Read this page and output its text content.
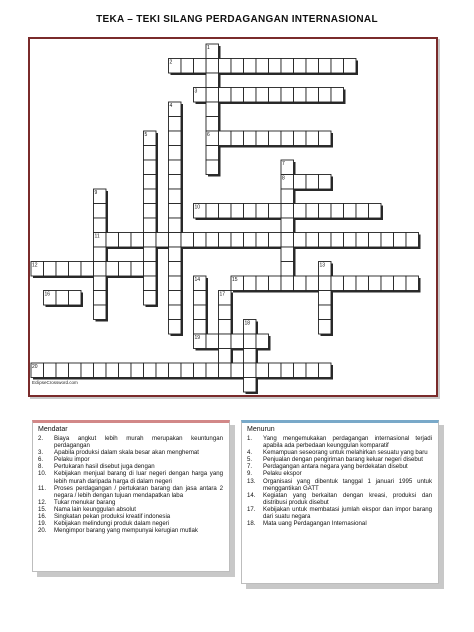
TEKA – TEKI SILANG PERDAGANGAN INTERNASIONAL
1
2
3
4
5	6
7
8
9
10
11
12	13
14	15
16	17
18
19
20
EclipseCrossword.com
Mendatar
2.	Biaya angkut lebih murah merupakan keuntungan perdagangan
3.	Apabila produksi dalam skala besar akan menghemat
6.	Pelaku impor
8.	Pertukaran hasil disebut juga dengan
10.	Kebijakan menjual barang di luar negeri dengan harga yang lebih murah daripada harga di dalam negeri
11.	Proses perdagangan / pertukaran barang dan jasa antara 2 negara / lebih dengan tujuan mendapatkan laba
12.	Tukar menukar barang
15.	Nama lain keunggulan absolut
16.	Singkatan pekan produksi kreatif indonesia
19.	Kebijakan melindungi produk dalam negeri
20.	Mengimpor barang yang mempunyai kerugian mutlak
Menurun
1.	Yang mengemukakan perdagangan internasional terjadi apabila ada perbedaan keunggulan komparatif
4.	Kemampuan seseorang untuk melahirkan sesuatu yang baru
5.	Penjualan dengan pengiriman barang keluar negeri disebut
7.	Perdagangan antara negara yang berdekatan disebut
9.	Pelaku ekspor
13.	Organisasi yang dibentuk tanggal 1 januari 1995 untuk menggantikan GATT
14.	Kegiatan yang berkaitan dengan kreasi, produksi dan distribusi produk disebut
17.	Kebijakan untuk membatasi jumlah ekspor dan impor barang dari suatu negara
18.	Mata uang Perdagangan Internasional
